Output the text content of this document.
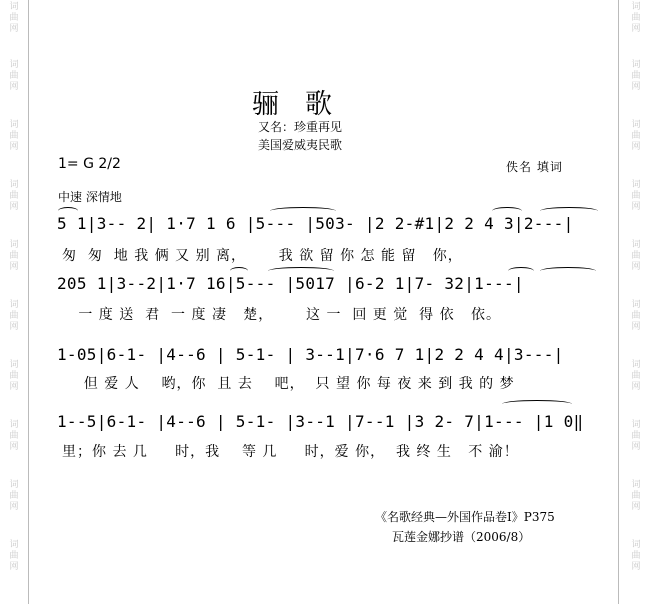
词
曲
网
词
曲
网
词
曲
网
词
曲
网
词
曲
网
词
曲
网
词
曲
网
词
曲
网
词
曲
网
词
曲
网
词
曲
网
词
曲
网
词
曲
网
词
曲
网
词
曲
网
词
曲
网
词
曲
网
词
曲
网
词
曲
网
词
曲
网
骊歌
又名：珍重再见
美国爱威夷民歌
1= G 2/2	佚名 填词
中速 深情地
5 1|3-- 2| 1·7 1 6 |5--- |503- |2 2-#1|2 2 4 3|2---|
匆  匆  地 我 俩 又 别 离，      我 欲 留 你 怎 能 留   你，
205 1|3--2|1·7 16|5--- |5017 |6-2 1|7- 32|1---|
一 度 送  君  一 度 凄   楚，      这 一  回 更 觉  得 依   依。
1-05|6-1- |4--6 | 5-1- | 3--1|7·6 7 1|2 2 4 4|3---|
但 爱 人    哟，你  且 去    吧，  只 望 你 每 夜 来 到 我 的 梦
1--5|6-1- |4--6 | 5-1- |3--1 |7--1 |3 2- 7|1--- |1 0‖
里；你 去 几     时，我    等 几     时，爱 你，  我 终 生   不 渝！
《名歌经典—外国作品卷Ⅰ》P375
瓦莲金娜抄谱（2006/8）
